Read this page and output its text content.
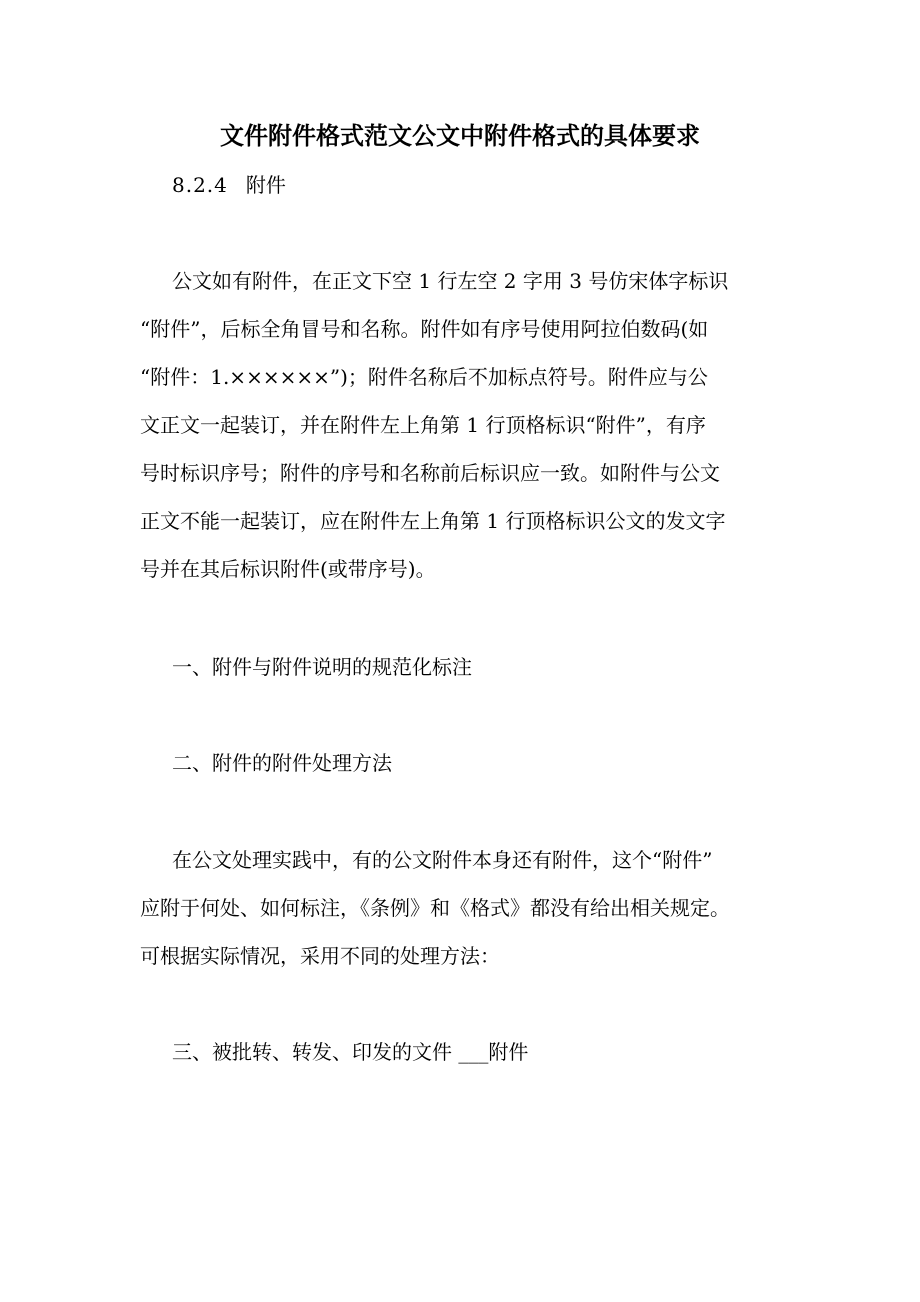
文件附件格式范文公文中附件格式的具体要求

8.2.4 附件

公文如有附件，在正文下空 1 行左空 2 字用 3 号仿宋体字标识

“附件”，后标全角冒号和名称。附件如有序号使用阿拉伯数码(如

“附件：1.××××××”)；附件名称后不加标点符号。附件应与公

文正文一起装订，并在附件左上角第 1 行顶格标识“附件”，有序

号时标识序号；附件的序号和名称前后标识应一致。如附件与公文

正文不能一起装订，应在附件左上角第 1 行顶格标识公文的发文字

号并在其后标识附件(或带序号)。

一、附件与附件说明的规范化标注

二、附件的附件处理方法

在公文处理实践中，有的公文附件本身还有附件，这个“附件”

应附于何处、如何标注，《条例》和《格式》都没有给出相关规定。

可根据实际情况，采用不同的处理方法：

三、被批转、转发、印发的文件 ___附件
